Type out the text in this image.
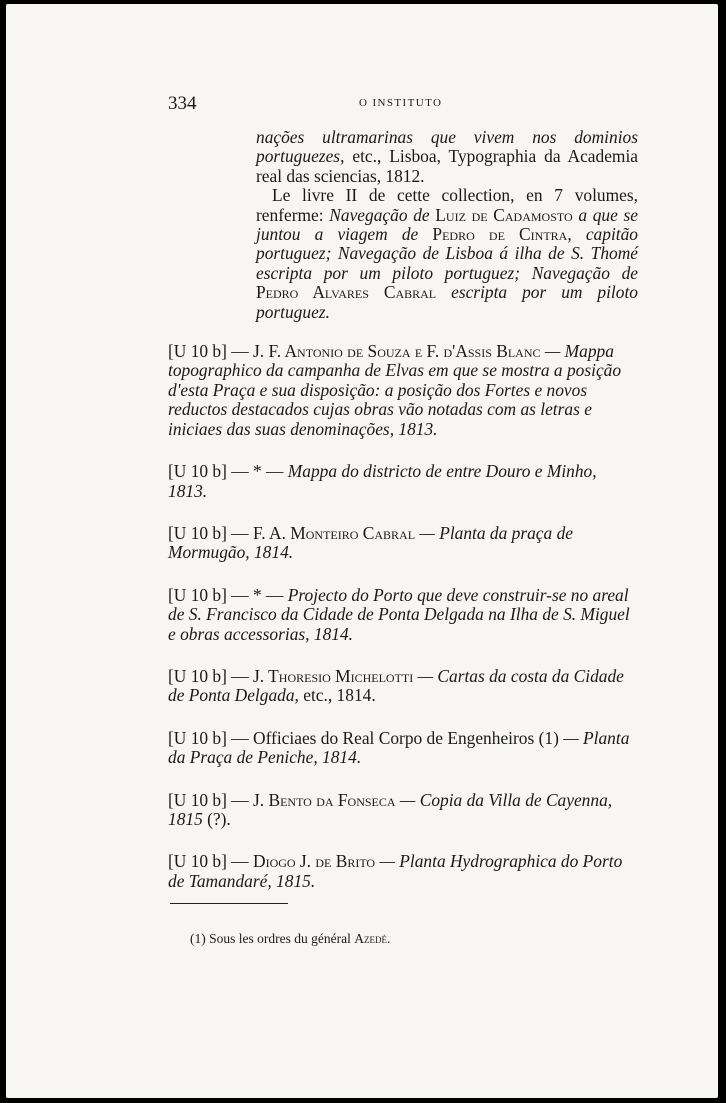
334	O INSTITUTO

nações ultramarinas que vivem nos dominios portuguezes, etc., Lisboa, Typographia da Academia real das sciencias, 1812.

Le livre II de cette collection, en 7 volumes, renferme: Navegação de Luiz de Cadamosto a que se juntou a viagem de Pedro de Cintra, capitão portuguez; Navegação de Lisboa á ilha de S. Thomé escripta por um piloto portuguez; Navegação de Pedro Alvares Cabral escripta por um piloto portuguez.

[U 10 b] — J. F. Antonio de Souza e F. d'Assis Blanc — Mappa topographico da campanha de Elvas em que se mostra a posição d'esta Praça e sua disposição: a posição dos Fortes e novos reductos destacados cujas obras vão notadas com as letras e iniciaes das suas denominações, 1813.
[U 10 b] — * — Mappa do districto de entre Douro e Minho, 1813.
[U 10 b] — F. A. Monteiro Cabral — Planta da praça de Mormugão, 1814.
[U 10 b] — * — Projecto do Porto que deve construir-se no areal de S. Francisco da Cidade de Ponta Delgada na Ilha de S. Miguel e obras accessorias, 1814.
[U 10 b] — J. Thoresio Michelotti — Cartas da costa da Cidade de Ponta Delgada, etc., 1814.
[U 10 b] — Officiaes do Real Corpo de Engenheiros (1) — Planta da Praça de Peniche, 1814.
[U 10 b] — J. Bento da Fonseca — Copia da Villa de Cayenna, 1815 (?).
[U 10 b] — Diogo J. de Brito — Planta Hydrographica do Porto de Tamandaré, 1815.
(1) Sous les ordres du général Azedé.
